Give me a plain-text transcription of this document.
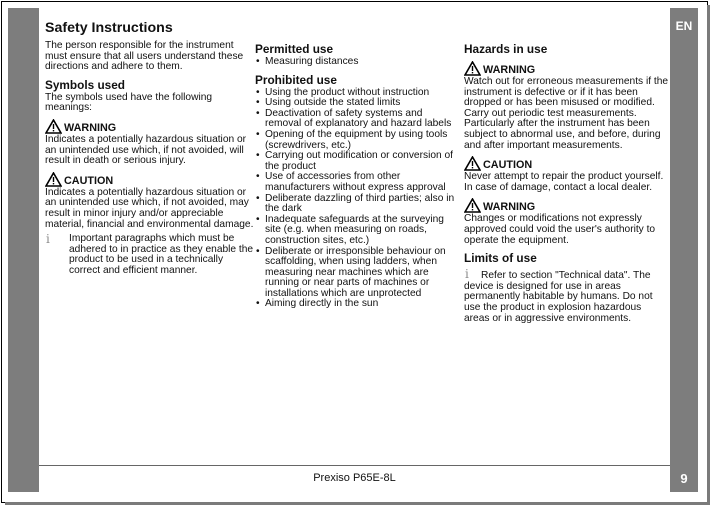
EN
9
Prexiso P65E-8L
Safety Instructions

The person responsible for the instrument must ensure that all users understand these directions and adhere to them.

Symbols used

The symbols used have the following meanings:

WARNING

Indicates a potentially hazardous situation or an unintended use which, if not avoided, will result in death or serious injury.

CAUTION

Indicates a potentially hazardous situation or an unintended use which, if not avoided, may result in minor injury and/or appreciable material, financial and environmental damage.

i	Important paragraphs which must be adhered to in practice as they enable the product to be used in a technically correct and efficient manner.
Permitted use
• Measuring distances
Prohibited use
• Using the product without instruction
• Using outside the stated limits
• Deactivation of safety systems and removal of explanatory and hazard labels
• Opening of the equipment by using tools (screwdrivers, etc.)
• Carrying out modification or conversion of the product
• Use of accessories from other manufacturers without express approval
• Deliberate dazzling of third parties; also in the dark
• Inadequate safeguards at the surveying site (e.g. when measuring on roads, construction sites, etc.)
• Deliberate or irresponsible behaviour on scaffolding, when using ladders, when measuring near machines which are running or near parts of machines or installations which are unprotected
• Aiming directly in the sun
Hazards in use
WARNING

Watch out for erroneous measurements if the instrument is defective or if it has been dropped or has been misused or modified. Carry out periodic test measurements. Particularly after the instrument has been subject to abnormal use, and before, during and after important measurements.

CAUTION

Never attempt to repair the product yourself. In case of damage, contact a local dealer.

WARNING

Changes or modifications not expressly approved could void the user's authority to operate the equipment.

Limits of use
i Refer to section "Technical data". The device is designed for use in areas permanently habitable by humans. Do not use the product in explosion hazardous areas or in aggressive environments.
